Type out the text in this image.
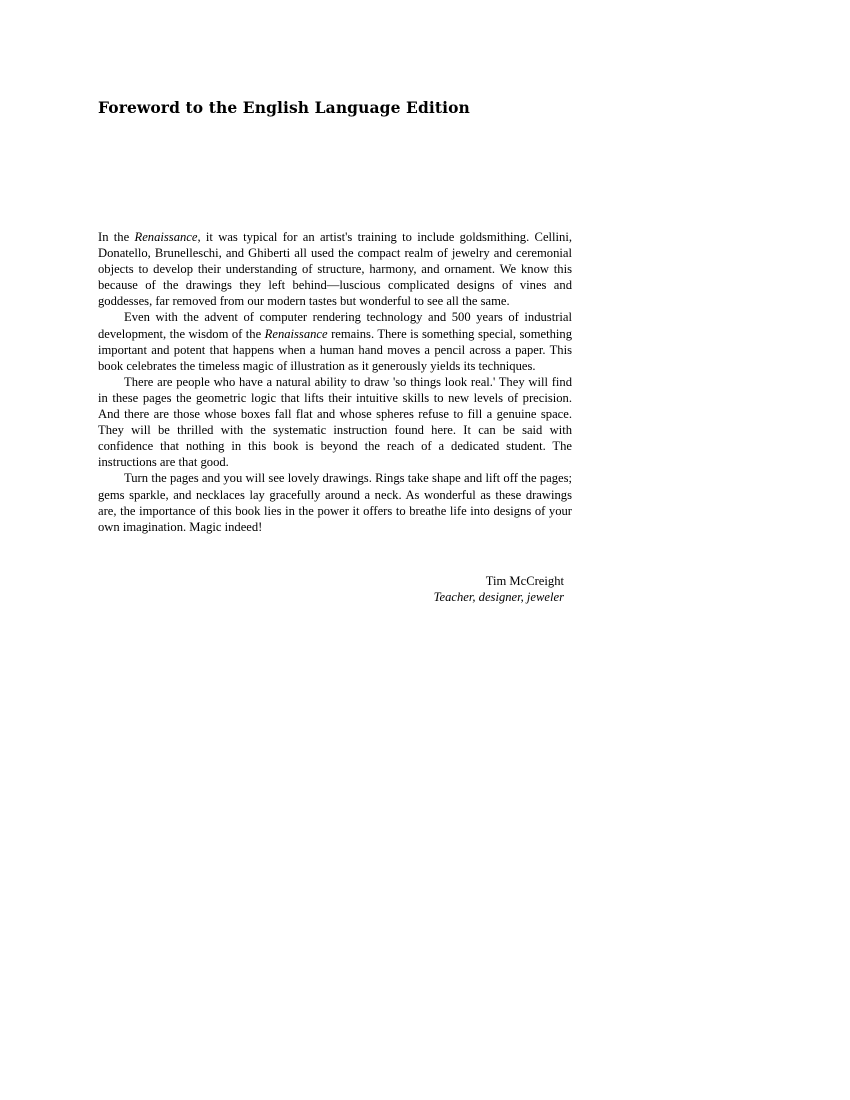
Foreword to the English Language Edition

In the Renaissance, it was typical for an artist's training to include goldsmithing. Cellini, Donatello, Brunelleschi, and Ghiberti all used the compact realm of jewelry and ceremonial objects to develop their understanding of structure, harmony, and ornament. We know this because of the drawings they left behind—luscious complicated designs of vines and goddesses, far removed from our modern tastes but wonderful to see all the same.

Even with the advent of computer rendering technology and 500 years of industrial development, the wisdom of the Renaissance remains. There is something special, something important and potent that happens when a human hand moves a pencil across a paper. This book celebrates the timeless magic of illustration as it generously yields its techniques.

There are people who have a natural ability to draw 'so things look real.' They will find in these pages the geometric logic that lifts their intuitive skills to new levels of precision. And there are those whose boxes fall flat and whose spheres refuse to fill a genuine space. They will be thrilled with the systematic instruction found here. It can be said with confidence that nothing in this book is beyond the reach of a dedicated student. The instructions are that good.

Turn the pages and you will see lovely drawings. Rings take shape and lift off the pages; gems sparkle, and necklaces lay gracefully around a neck. As wonderful as these drawings are, the importance of this book lies in the power it offers to breathe life into designs of your own imagination. Magic indeed!

Tim McCreight
Teacher, designer, jeweler
